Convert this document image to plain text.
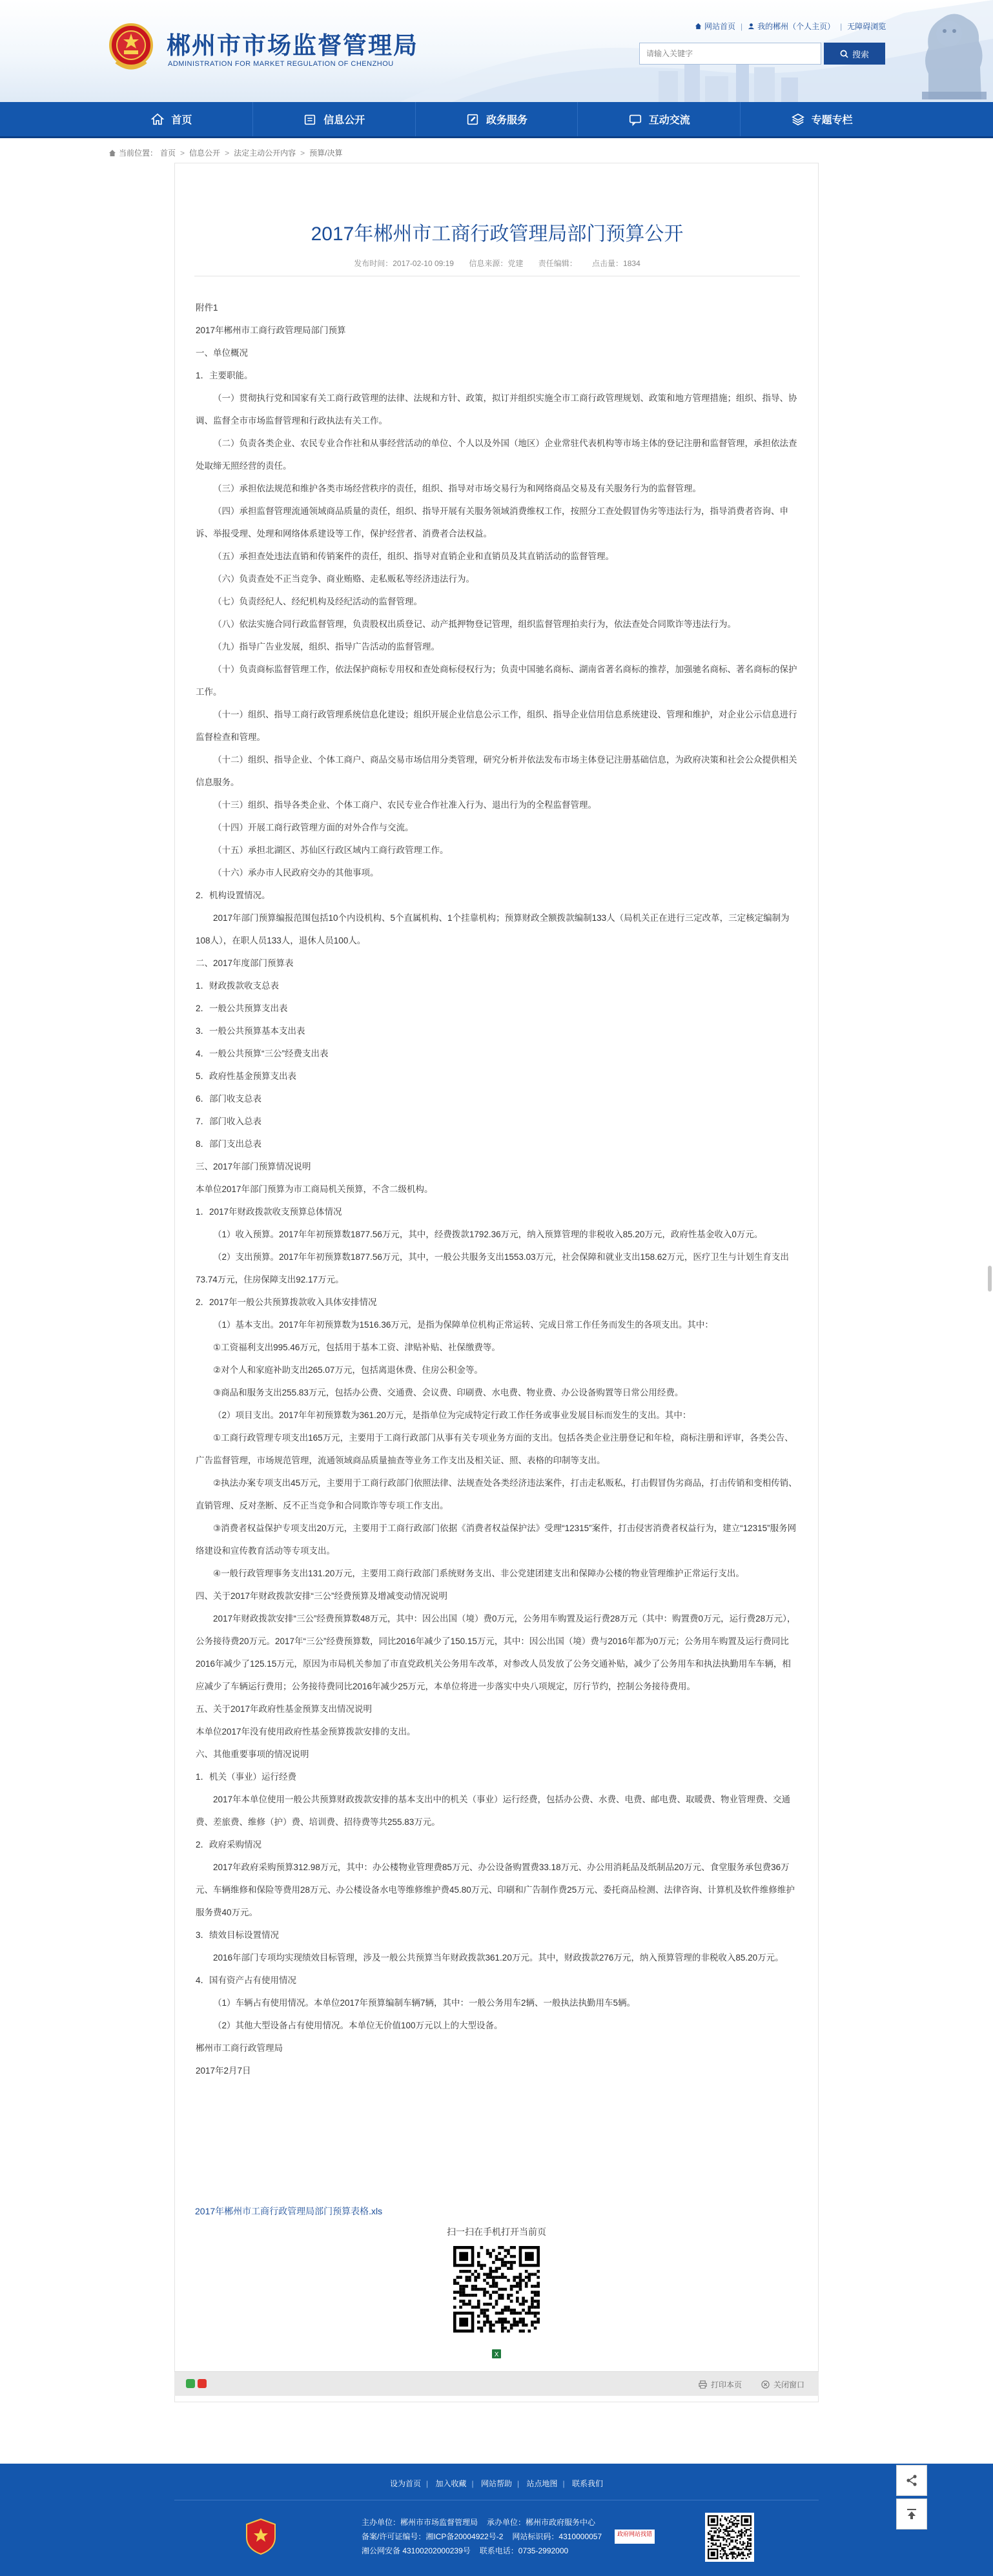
郴州市市场监督管理局
ADMINISTRATION FOR MARKET REGULATION OF CHENZHOU
网站首页 | 我的郴州（个人主页） | 无障碍浏览
请输入关键字
搜索
首页	信息公开	政务服务	互动交流	专题专栏
当前位置： 首页 > 信息公开 > 法定主动公开内容 > 预算/决算
2017年郴州市工商行政管理局部门预算公开
发布时间：2017-02-10 09:19 信息来源：党建 责任编辑： 点击量：1834

附件1

2017年郴州市工商行政管理局部门预算

一、单位概况

1．主要职能。

（一）贯彻执行党和国家有关工商行政管理的法律、法规和方针、政策，拟订并组织实施全市工商行政管理规划、政策和地方管理措施；组织、指导、协调、监督全市市场监督管理和行政执法有关工作。

（二）负责各类企业、农民专业合作社和从事经营活动的单位、个人以及外国（地区）企业常驻代表机构等市场主体的登记注册和监督管理，承担依法查处取缔无照经营的责任。

（三）承担依法规范和维护各类市场经营秩序的责任，组织、指导对市场交易行为和网络商品交易及有关服务行为的监督管理。

（四）承担监督管理流通领域商品质量的责任，组织、指导开展有关服务领域消费维权工作，按照分工查处假冒伪劣等违法行为，指导消费者咨询、申诉、举报受理、处理和网络体系建设等工作，保护经营者、消费者合法权益。

（五）承担查处违法直销和传销案件的责任，组织、指导对直销企业和直销员及其直销活动的监督管理。

（六）负责查处不正当竞争、商业贿赂、走私贩私等经济违法行为。

（七）负责经纪人、经纪机构及经纪活动的监督管理。

（八）依法实施合同行政监督管理，负责股权出质登记、动产抵押物登记管理，组织监督管理拍卖行为，依法查处合同欺诈等违法行为。

（九）指导广告业发展，组织、指导广告活动的监督管理。

（十）负责商标监督管理工作，依法保护商标专用权和查处商标侵权行为；负责中国驰名商标、湖南省著名商标的推荐，加强驰名商标、著名商标的保护工作。

（十一）组织、指导工商行政管理系统信息化建设；组织开展企业信息公示工作，组织、指导企业信用信息系统建设、管理和维护，对企业公示信息进行监督检查和管理。

（十二）组织、指导企业、个体工商户、商品交易市场信用分类管理，研究分析并依法发布市场主体登记注册基础信息，为政府决策和社会公众提供相关信息服务。

（十三）组织、指导各类企业、个体工商户、农民专业合作社准入行为、退出行为的全程监督管理。

（十四）开展工商行政管理方面的对外合作与交流。

（十五）承担北湖区、苏仙区行政区域内工商行政管理工作。

（十六）承办市人民政府交办的其他事项。

2．机构设置情况。

2017年部门预算编报范围包括10个内设机构、5个直属机构、1个挂靠机构；预算财政全额拨款编制133人（局机关正在进行三定改革，三定核定编制为108人），在职人员133人，退休人员100人。

二、2017年度部门预算表

1．财政拨款收支总表

2．一般公共预算支出表

3．一般公共预算基本支出表

4．一般公共预算“三公”经费支出表

5．政府性基金预算支出表

6．部门收支总表

7．部门收入总表

8．部门支出总表

三、2017年部门预算情况说明

本单位2017年部门预算为市工商局机关预算，不含二级机构。

1．2017年财政拨款收支预算总体情况

（1）收入预算。2017年年初预算数1877.56万元，其中，经费拨款1792.36万元，纳入预算管理的非税收入85.20万元，政府性基金收入0万元。

（2）支出预算。2017年年初预算数1877.56万元，其中，一般公共服务支出1553.03万元，社会保障和就业支出158.62万元，医疗卫生与计划生育支出73.74万元，住房保障支出92.17万元。

2．2017年一般公共预算拨款收入具体安排情况

（1）基本支出。2017年年初预算数为1516.36万元，是指为保障单位机构正常运转、完成日常工作任务而发生的各项支出。其中：

①工资福利支出995.46万元，包括用于基本工资、津贴补贴、社保缴费等。

②对个人和家庭补助支出265.07万元，包括离退休费、住房公积金等。

③商品和服务支出255.83万元，包括办公费、交通费、会议费、印刷费、水电费、物业费、办公设备购置等日常公用经费。

（2）项目支出。2017年年初预算数为361.20万元，是指单位为完成特定行政工作任务或事业发展目标而发生的支出。其中：

①工商行政管理专项支出165万元，主要用于工商行政部门从事有关专项业务方面的支出。包括各类企业注册登记和年检，商标注册和评审，各类公告、广告监督管理，市场规范管理，流通领域商品质量抽查等业务工作支出及相关证、照、表格的印制等支出。

②执法办案专项支出45万元，主要用于工商行政部门依照法律、法规查处各类经济违法案件，打击走私贩私，打击假冒伪劣商品，打击传销和变相传销、直销管理、反对垄断、反不正当竞争和合同欺诈等专项工作支出。

③消费者权益保护专项支出20万元，主要用于工商行政部门依据《消费者权益保护法》受理“12315”案件，打击侵害消费者权益行为，建立“12315”服务网络建设和宣传教育活动等专项支出。

④一般行政管理事务支出131.20万元，主要用工商行政部门系统财务支出、非公党建团建支出和保障办公楼的物业管理维护正常运行支出。

四、关于2017年财政拨款安排“三公”经费预算及增减变动情况说明

2017年财政拨款安排“三公”经费预算数48万元，其中：因公出国（境）费0万元，公务用车购置及运行费28万元（其中：购置费0万元，运行费28万元），公务接待费20万元。2017年“三公”经费预算数，同比2016年减少了150.15万元，其中：因公出国（境）费与2016年都为0万元；公务用车购置及运行费同比2016年减少了125.15万元，原因为市局机关参加了市直党政机关公务用车改革，对参改人员发放了公务交通补贴，减少了公务用车和执法执勤用车车辆，相应减少了车辆运行费用；公务接待费同比2016年减少25万元，本单位将进一步落实中央八项规定，厉行节约，控制公务接待费用。

五、关于2017年政府性基金预算支出情况说明

本单位2017年没有使用政府性基金预算拨款安排的支出。

六、其他重要事项的情况说明

1．机关（事业）运行经费

2017年本单位使用一般公共预算财政拨款安排的基本支出中的机关（事业）运行经费，包括办公费、水费、电费、邮电费、取暖费、物业管理费、交通费、差旅费、维修（护）费、培训费、招待费等共255.83万元。

2．政府采购情况

2017年政府采购预算312.98万元，其中：办公楼物业管理费85万元、办公设备购置费33.18万元、办公用消耗品及纸制品20万元、食堂服务承包费36万元、车辆维修和保险等费用28万元、办公楼设备水电等维修维护费45.80万元、印刷和广告制作费25万元、委托商品检测、法律咨询、计算机及软件维修维护服务费40万元。

3．绩效目标设置情况

2016年部门专项均实现绩效目标管理，涉及一般公共预算当年财政拨款361.20万元。其中，财政拨款276万元，纳入预算管理的非税收入85.20万元。

4．国有资产占有使用情况

（1）车辆占有使用情况。本单位2017年预算编制车辆7辆，其中：一般公务用车2辆、一般执法执勤用车5辆。

（2）其他大型设备占有使用情况。本单位无价值100万元以上的大型设备。

郴州市工商行政管理局

2017年2月7日

X
2017年郴州市工商行政管理局部门预算表格.xls
扫一扫在手机打开当前页
打印本页	关闭窗口
设为首页 | 加入收藏 | 网站帮助 | 站点地图 | 联系我们
主办单位：郴州市市场监督管理局 承办单位：郴州市政府服务中心
备案/许可证编号：湘ICP备20004922号-2 网站标识码：4310000057	政府网站找错
湘公网安备 43100202000239号 联系电话：0735-2992000
